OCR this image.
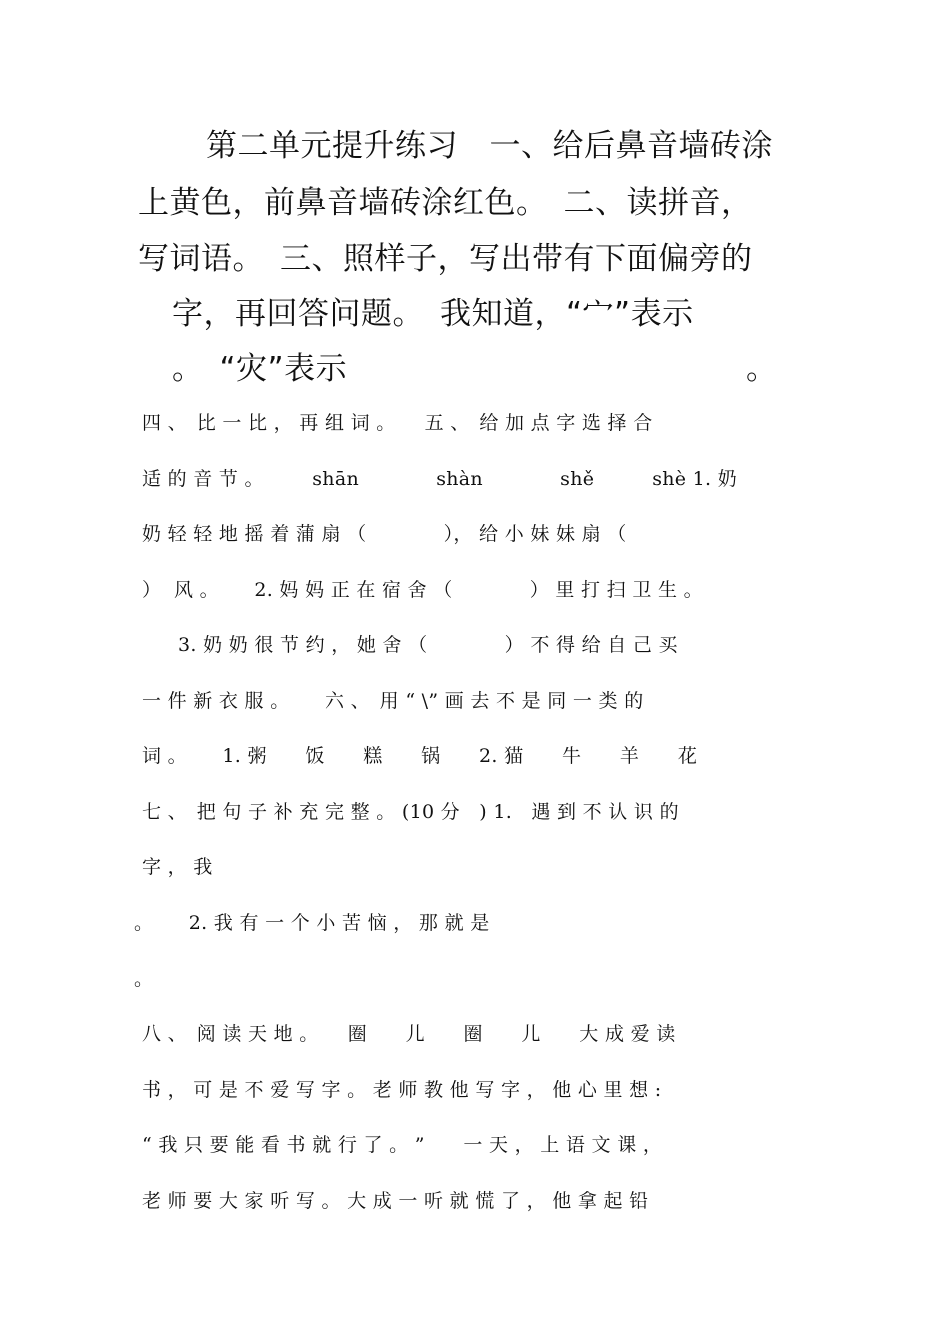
第二单元提升练习　一、给后鼻音墙砖涂
上黄色，前鼻音墙砖涂红色。　二、读拼音，
写词语。　三、照样子，写出带有下面偏旁的
字，再回答问题。　我知道，“宀”表示
。　“灾”表示	。
四 、　比 一 比 ， 再 组 词 。　　五 、　给 加 点 字 选 择 合
适 的 音 节 。　　　shān　　　　shàn　　　　shě　　　shè 1. 奶
奶 轻 轻 地 摇 着 蒲 扇 （　　　　）， 给 小 妹 妹 扇 （
）  风 。　　 2. 妈 妈 正 在 宿 舍 （　　　　） 里 打 扫 卫 生 。
3. 奶 奶 很 节 约 ， 她 舍 （　　　　） 不 得 给 自 己 买
一 件 新 衣 服 。　　 六 、　用 “ \” 画 去 不 是 同 一 类 的
词 。　　 1. 粥　　饭　　糕　　锅　　2. 猫　　牛　　羊　　花
七 、　把 句 子 补 充 完 整 。 (10 分　) 1.　遇 到 不 认 识 的
字 ， 我
。　　 2. 我 有 一 个 小 苦 恼 ， 那 就 是
。
八 、　阅 读 天 地 。　　圈　　儿　　圈　　儿　　大 成 爱 读
书 ， 可 是 不 爱 写 字 。 老 师 教 他 写 字 ， 他 心 里 想 :
“ 我 只 要 能 看 书 就 行 了 。 ”　　一 天 ， 上 语 文 课 ，
老 师 要 大 家 听 写 。 大 成 一 听 就 慌 了 ， 他 拿 起 铅
